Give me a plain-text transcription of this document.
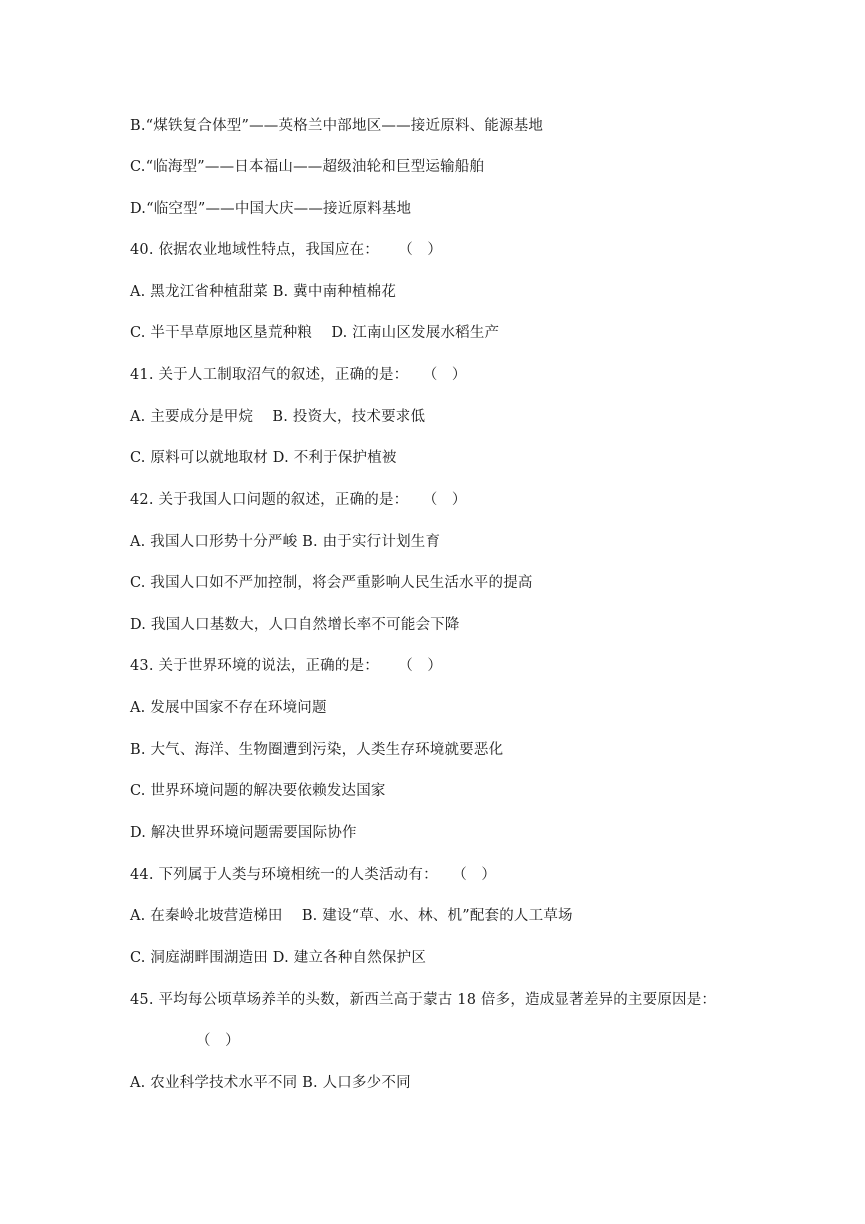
B.“煤铁复合体型”——英格兰中部地区——接近原料、能源基地
C.“临海型”——日本福山——超级油轮和巨型运输船舶
D.“临空型”——中国大庆——接近原料基地
40. 依据农业地域性特点，我国应在：    （   ）
A. 黑龙江省种植甜菜 B. 冀中南种植棉花
C. 半干旱草原地区垦荒种粮    D. 江南山区发展水稻生产
41. 关于人工制取沼气的叙述，正确的是：   （   ）
A. 主要成分是甲烷    B. 投资大，技术要求低
C. 原料可以就地取材 D. 不利于保护植被
42. 关于我国人口问题的叙述，正确的是：   （   ）
A. 我国人口形势十分严峻 B. 由于实行计划生育
C. 我国人口如不严加控制，将会严重影响人民生活水平的提高
D. 我国人口基数大，人口自然增长率不可能会下降
43. 关于世界环境的说法，正确的是：    （   ）
A. 发展中国家不存在环境问题
B. 大气、海洋、生物圈遭到污染，人类生存环境就要恶化
C. 世界环境问题的解决要依赖发达国家
D. 解决世界环境问题需要国际协作
44. 下列属于人类与环境相统一的人类活动有：   （   ）
A. 在秦岭北坡营造梯田    B. 建设“草、水、林、机”配套的人工草场
C. 洞庭湖畔围湖造田 D. 建立各种自然保护区
45. 平均每公顷草场养羊的头数，新西兰高于蒙古 18 倍多，造成显著差异的主要原因是：
（   ）
A. 农业科学技术水平不同 B. 人口多少不同
